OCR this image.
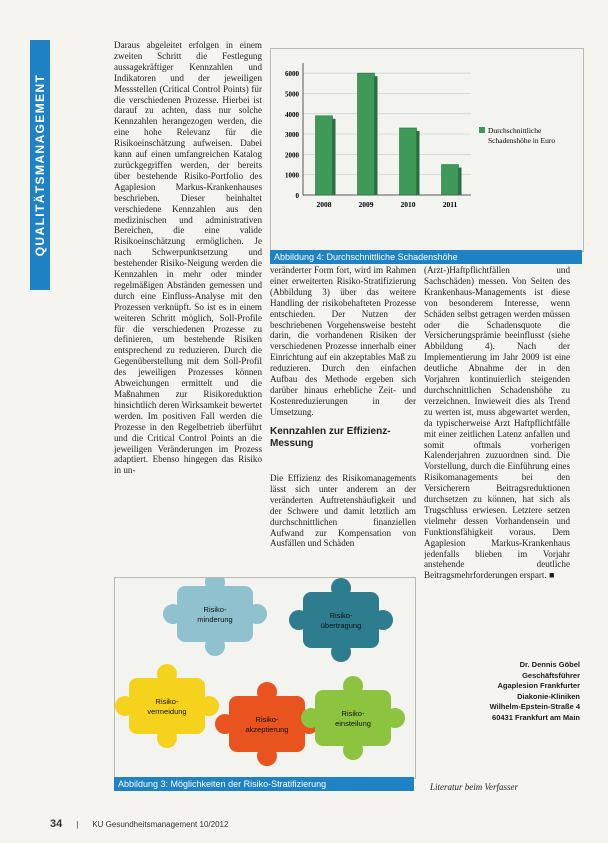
QUALITÄTSMANAGEMENT

Daraus abgeleitet erfolgen in einem zweiten Schritt die Festlegung aussagekräftiger Kennzahlen und Indikatoren und der jeweiligen Messstellen (Critical Control Points) für die verschiedenen Prozesse. Hierbei ist darauf zu achten, dass nur solche Kennzahlen herangezogen werden, die eine hohe Relevanz für die Risikoeinschätzung aufweisen. Dabei kann auf einen umfangreichen Katalog zurückgegriffen werden, der bereits über bestehende Risiko-Portfolio des Agaplesion Markus-Krankenhauses beschrieben. Dieser beinhaltet verschiedene Kennzahlen aus den medizinischen und administrativen Bereichen, die eine valide Risikoeinschätzung ermöglichen. Je nach Schwerpunktsetzung und bestehender Risiko-Neigung werden die Kennzahlen in mehr oder minder regelmäßigen Abständen gemessen und durch eine Einfluss-Analyse mit den Prozessen verknüpft. So ist es in einem weiteren Schritt möglich, Soll-Profile für die verschiedenen Prozesse zu definieren, um bestehende Risiken entsprechend zu reduzieren. Durch die Gegenüberstellung mit dem Soll-Profil des jeweiligen Prozesses können Abweichungen ermittelt und die Maßnahmen zur Risikoreduktion hinsichtlich deren Wirksamkeit bewertet werden. Im positiven Fall werden die Prozesse in den Regelbetrieb überführt und die Critical Control Points an die jeweiligen Veränderungen im Prozess adaptiert. Ebenso hingegen das Risiko in un-

0
1000
2000
3000
4000
5000
6000
2008	2009	2010	2011
Durchschnittliche
Schadenshöhe in Euro
Abbildung 4: Durchschnittliche Schadenshöhe

veränderter Form fort, wird im Rahmen einer erweiterten Risiko-Stratifizierung (Abbildung 3) über das weitere Handling der risikobehafteten Prozesse entschieden. Der Nutzen der beschriebenen Vorgehensweise besteht darin, die vorhandenen Risiken der verschiedenen Prozesse innerhalb einer Einrichtung auf ein akzeptables Maß zu reduzieren. Durch den einfachen Aufbau des Methode ergeben sich darüber hinaus erhebliche Zeit- und Kostenreduzierungen in der Umsetzung.

Kennzahlen zur Effizienz-Messung

Die Effizienz des Risikomanagements lässt sich unter anderem an der veränderten Auftretenshäufigkeit und der Schwere und damit letztlich am durchschnittlichen finanziellen Aufwand zur Kompensation von Ausfällen und Schäden

(Arzt-)Haftpflichtfällen und Sachschäden) messen. Von Seiten des Krankenhaus-Managements ist diese von besonderem Interesse, wenn Schäden selbst getragen werden müssen oder die Schadensquote die Versicherungsprämie beeinflusst (siehe Abbildung 4). Nach der Implementierung im Jahr 2009 ist eine deutliche Abnahme der in den Vorjahren kontinuierlich steigenden durchschnittlichen Schadenshöhe zu verzeichnen. Inwieweit dies als Trend zu werten ist, muss abgewartet werden, da typischerweise Arzt Haftpflichtfälle mit einer zeitlichen Latenz anfallen und somit oftmals vorherigen Kalenderjahren zuzuordnen sind. Die Vorstellung, durch die Einführung eines Risikomanagements bei den Versicherern Beitragsreduktionen durchsetzen zu können, hat sich als Trugschluss erwiesen. Letztere setzen vielmehr dessen Vorhandensein und Funktionsfähigkeit voraus. Dem Agaplesion Markus-Krankenhaus jedenfalls blieben im Vorjahr anstehende deutliche Beitragsmehrforderungen erspart. ■

Risiko-
minderung	Risiko-
übertragung
Risiko-
vermeidung
Risiko-
akzeptierung
Risiko-
einsteilung
Abbildung 3: Möglichkeiten der Risiko-Stratifizierung
Dr. Dennis Göbel
Geschäftsführer
Agaplesion Frankfurter
Diakonie-Kliniken
Wilhelm-Epstein-Straße 4
60431 Frankfurt am Main
Literatur beim Verfasser
34 | KU Gesundheitsmanagement 10/2012
